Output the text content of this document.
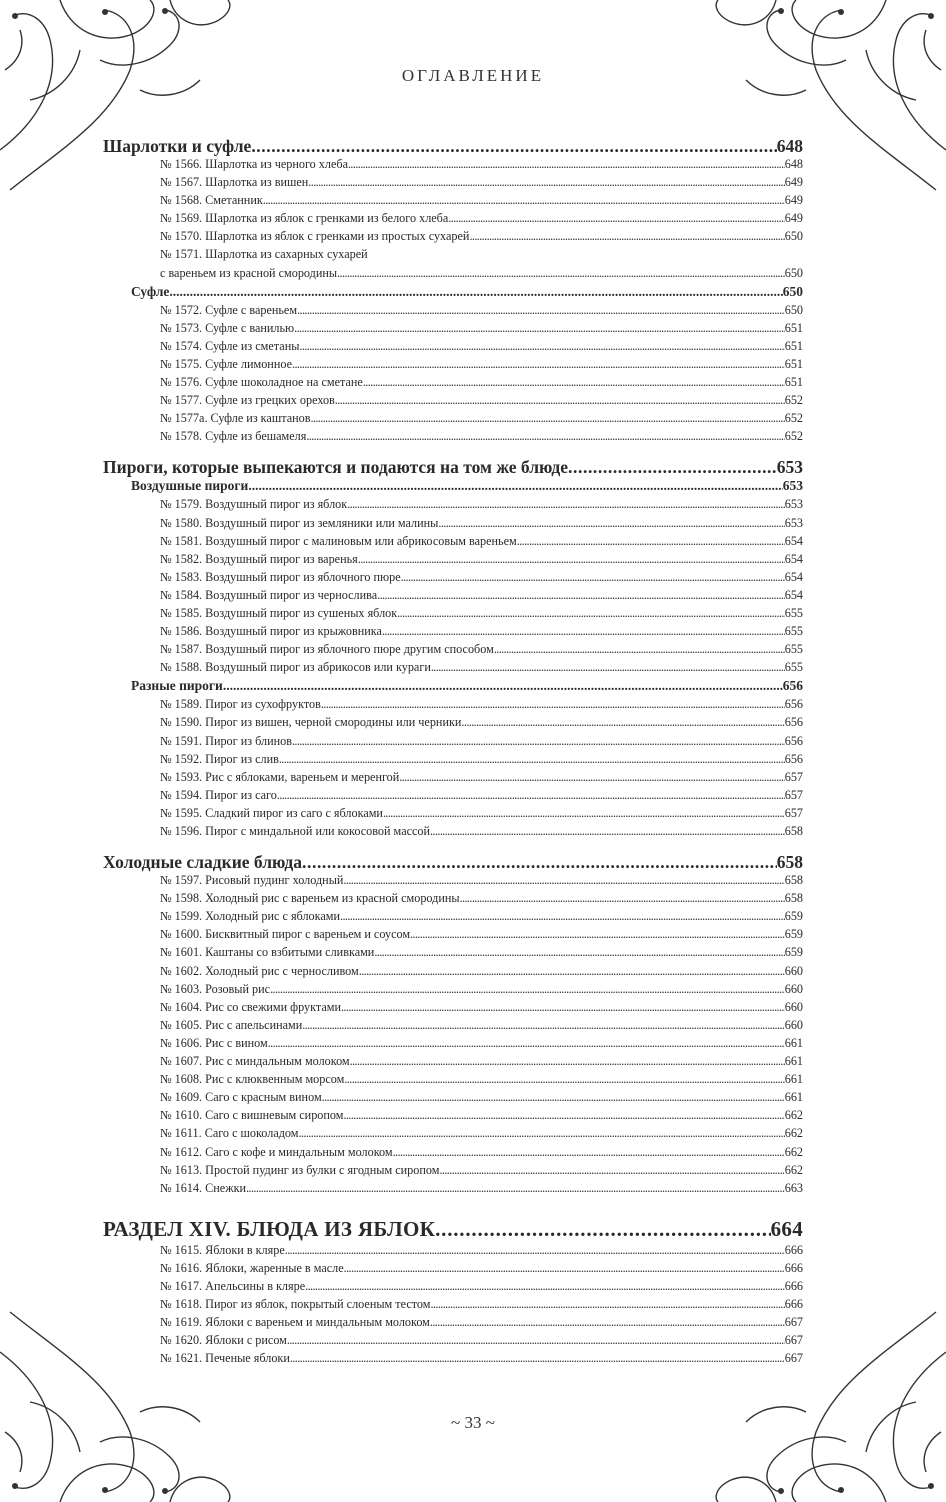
ОГЛАВЛЕНИЕ
Шарлотки и суфле .....	648
№ 1566. Шарлотка из черного хлеба .....	648
№ 1567. Шарлотка из вишен .....	649
№ 1568. Сметанник .....	649
№ 1569. Шарлотка из яблок с гренками из белого хлеба .....	649
№ 1570. Шарлотка из яблок с гренками из простых сухарей .....	650
№ 1571. Шарлотка из сахарных сухарей
с вареньем из красной смородины .....	650
Суфле .....	650
№ 1572. Суфле с вареньем .....	650
№ 1573. Суфле с ванилью .....	651
№ 1574. Суфле из сметаны .....	651
№ 1575. Суфле лимонное .....	651
№ 1576. Суфле шоколадное на сметане .....	651
№ 1577. Суфле из грецких орехов .....	652
№ 1577а. Суфле из каштанов .....	652
№ 1578. Суфле из бешамеля .....	652
Пироги, которые выпекаются и подаются на том же блюде .....	653
Воздушные пироги .....	653
№ 1579. Воздушный пирог из яблок .....	653
№ 1580. Воздушный пирог из земляники или малины .....	653
№ 1581. Воздушный пирог с малиновым или абрикосовым вареньем .....	654
№ 1582. Воздушный пирог из варенья .....	654
№ 1583. Воздушный пирог из яблочного пюре .....	654
№ 1584. Воздушный пирог из чернослива .....	654
№ 1585. Воздушный пирог из сушеных яблок .....	655
№ 1586. Воздушный пирог из крыжовника .....	655
№ 1587. Воздушный пирог из яблочного пюре другим способом .....	655
№ 1588. Воздушный пирог из абрикосов или кураги .....	655
Разные пироги .....	656
№ 1589. Пирог из сухофруктов .....	656
№ 1590. Пирог из вишен, черной смородины или черники .....	656
№ 1591. Пирог из блинов .....	656
№ 1592. Пирог из слив .....	656
№ 1593. Рис с яблоками, вареньем и меренгой .....	657
№ 1594. Пирог из саго .....	657
№ 1595. Сладкий пирог из саго с яблоками .....	657
№ 1596. Пирог с миндальной или кокосовой массой .....	658
Холодные сладкие блюда .....	658
№ 1597. Рисовый пудинг холодный .....	658
№ 1598. Холодный рис с вареньем из красной смородины .....	658
№ 1599. Холодный рис с яблоками .....	659
№ 1600. Бисквитный пирог с вареньем и соусом .....	659
№ 1601. Каштаны со взбитыми сливками .....	659
№ 1602. Холодный рис с черносливом .....	660
№ 1603. Розовый рис .....	660
№ 1604. Рис со свежими фруктами .....	660
№ 1605. Рис с апельсинами .....	660
№ 1606. Рис с вином .....	661
№ 1607. Рис с миндальным молоком .....	661
№ 1608. Рис с клюквенным морсом .....	661
№ 1609. Саго с красным вином .....	661
№ 1610. Саго с вишневым сиропом .....	662
№ 1611. Саго с шоколадом .....	662
№ 1612. Саго с кофе и миндальным молоком .....	662
№ 1613. Простой пудинг из булки с ягодным сиропом .....	662
№ 1614. Снежки .....	663
РАЗДЕЛ XIV. БЛЮДА ИЗ ЯБЛОК .....	664
№ 1615. Яблоки в кляре .....	666
№ 1616. Яблоки, жаренные в масле .....	666
№ 1617. Апельсины в кляре .....	666
№ 1618. Пирог из яблок, покрытый слоеным тестом .....	666
№ 1619. Яблоки с вареньем и миндальным молоком .....	667
№ 1620. Яблоки с рисом .....	667
№ 1621. Печеные яблоки .....	667
~ 33 ~
